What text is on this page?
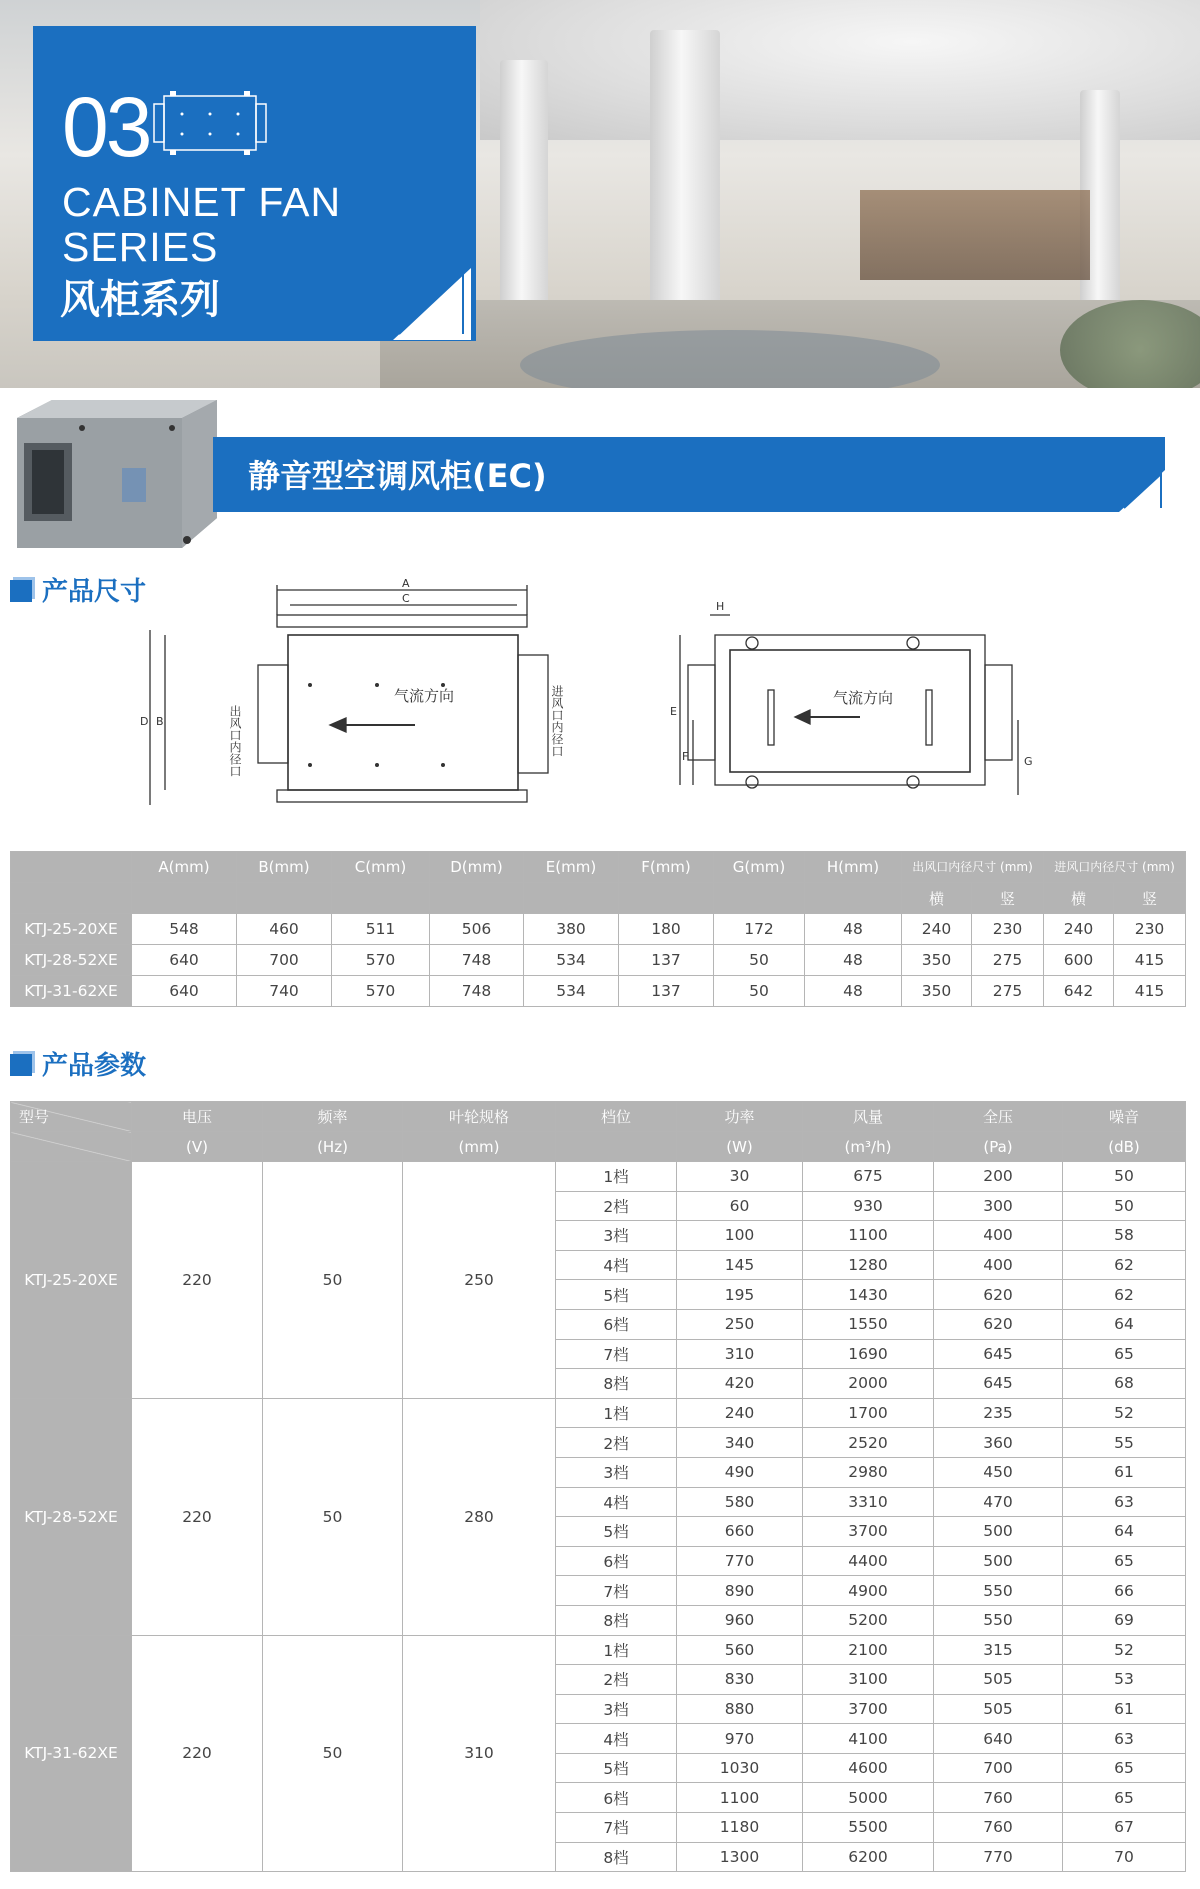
03
CABINET FAN
SERIES
风柜系列
静音型空调风柜(EC)
产品尺寸
气流方向
A
C
D B	出风口内径口	进风口内径口	气流方向
H
E
F	G
	A(mm)	B(mm)	C(mm)	D(mm)	E(mm)	F(mm)	G(mm)	H(mm)	出风口内径尺寸 (mm)		进风口内径尺寸 (mm)	
									横	竖	横	竖
KTJ-25-20XE	548	460	511	506	380	180	172	48	240	230	240	230
KTJ-28-52XE	640	700	570	748	534	137	50	48	350	275	600	415
KTJ-31-62XE	640	740	570	748	534	137	50	48	350	275	642	415
产品参数
型号	电压	频率	叶轮规格	档位	功率	风量	全压	噪音
	(V)	(Hz)	(mm)		(W)	(m³/h)	(Pa)	(dB)
KTJ-25-20XE	220	50	250	1档	30	675	200	50
				2档	60	930	300	50
				3档	100	1100	400	58
				4档	145	1280	400	62
				5档	195	1430	620	62
				6档	250	1550	620	64
				7档	310	1690	645	65
				8档	420	2000	645	68
KTJ-28-52XE	220	50	280	1档	240	1700	235	52
				2档	340	2520	360	55
				3档	490	2980	450	61
				4档	580	3310	470	63
				5档	660	3700	500	64
				6档	770	4400	500	65
				7档	890	4900	550	66
				8档	960	5200	550	69
KTJ-31-62XE	220	50	310	1档	560	2100	315	52
				2档	830	3100	505	53
				3档	880	3700	505	61
				4档	970	4100	640	63
				5档	1030	4600	700	65
				6档	1100	5000	760	65
				7档	1180	5500	760	67
				8档	1300	6200	770	70
